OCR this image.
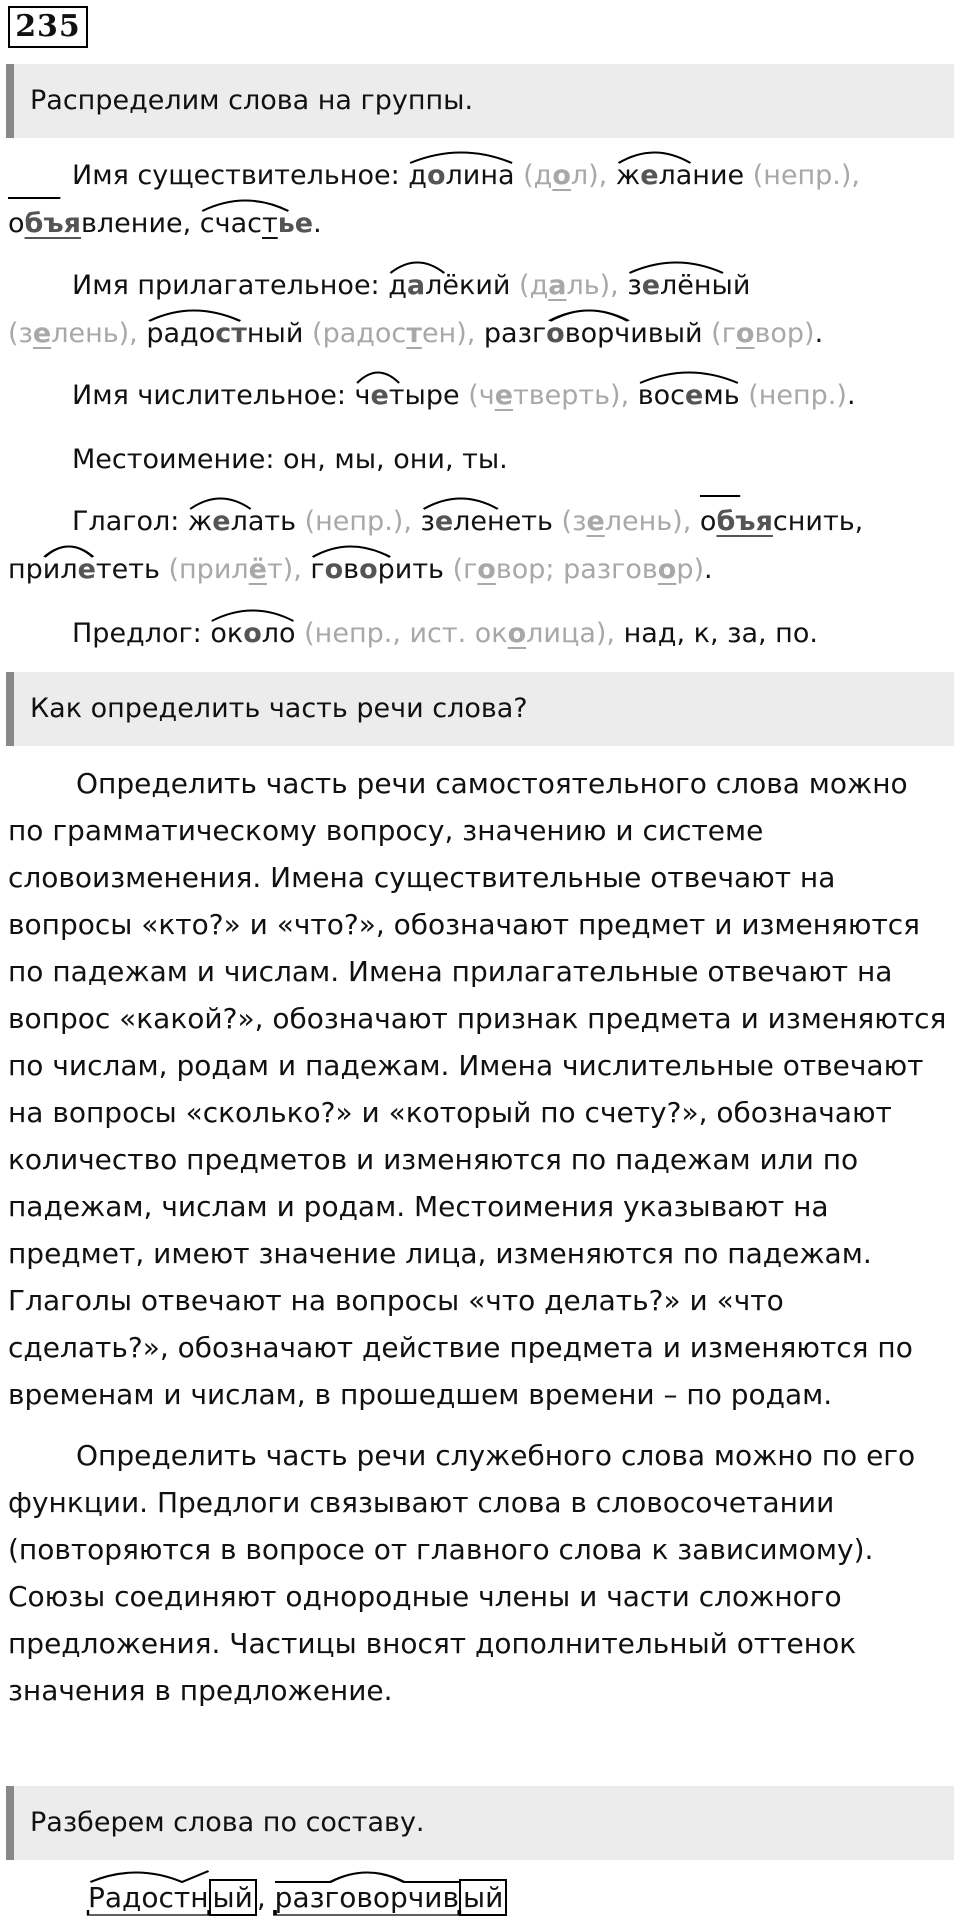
235
Распределим слова на группы.
Имя существительное: долина (дол), желание (непр.),
объявление
, счастье
.
Имя прилагательное: далёкий (даль), зелёный
(зелень), радостный (радостен), разговорчивый (говор).
Имя числительное: четыре (четверть), восемь (непр.).
Местоимение: он, мы, они, ты.
Глагол: желать (непр.), зеленеть (зелень), объяснить
,
прилететь (прилёт), говорить (говор; разговор).
Предлог: около (непр., ист. околица), над, к, за, по.
Как определить часть речи слова?

Определить часть речи самостоятельного слова можно по грамматическому вопросу, значению и системе словоизменения. Имена существительные отвечают на вопросы «кто?» и «что?», обозначают предмет и изменяются по падежам и числам. Имена прилагательные отвечают на вопрос «какой?», обозначают признак предмета и изменяются по числам, родам и падежам. Имена числительные отвечают на вопросы «сколько?» и «который по счету?», обозначают количество предметов и изменяются по падежам или по падежам, числам и родам. Местоимения указывают на предмет, имеют значение лица, изменяются по падежам. Глаголы отвечают на вопросы «что делать?» и «что сделать?», обозначают действие предмета и изменяются по временам и числам, в прошедшем времени – по родам.

Определить часть речи служебного слова можно по его функции. Предлоги связывают слова в словосочетании (повторяются в вопросе от главного слова к зависимому). Союзы соединяют однородные члены и части сложного предложения. Частицы вносят дополнительный оттенок значения в предложение.

Разберем слова по составу.
Радостн ый , разговорчив ый
